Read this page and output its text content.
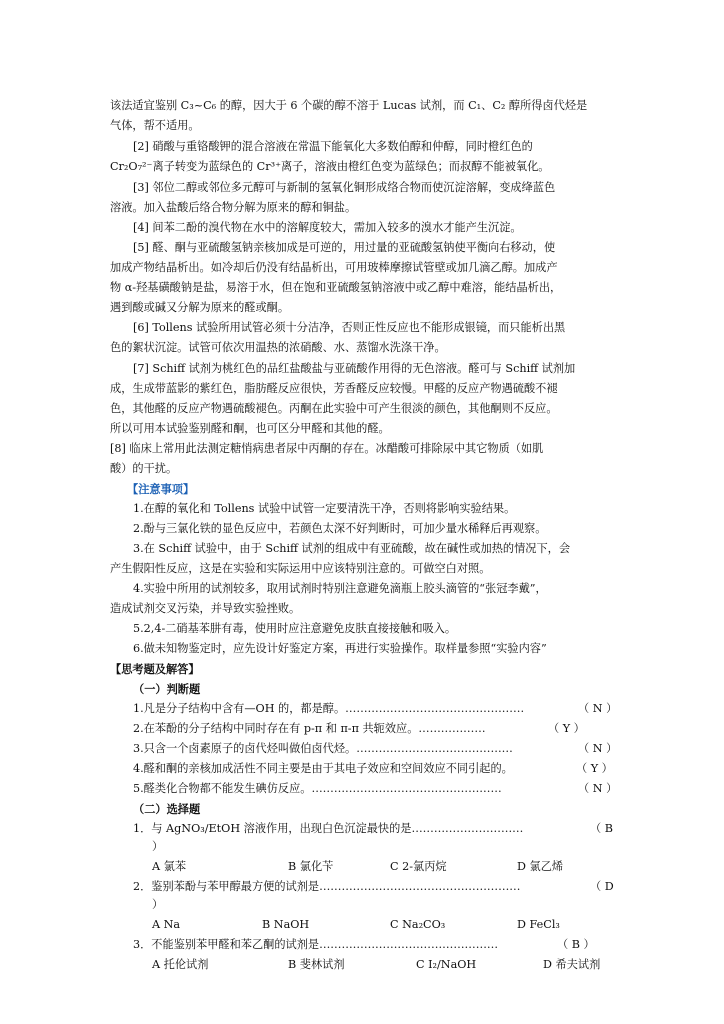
该法适宜鉴别 C₃~C₆ 的醇，因大于 6 个碳的醇不溶于 Lucas 试剂，而 C₁、C₂ 醇所得卤代烃是
气体，帮不适用。
[2] 硝酸与重铬酸钾的混合溶液在常温下能氧化大多数伯醇和仲醇，同时橙红色的
Cr₂O₇²⁻离子转变为蓝绿色的 Cr³⁺离子，溶液由橙红色变为蓝绿色；而叔醇不能被氧化。
[3] 邻位二醇或邻位多元醇可与新制的氢氧化铜形成络合物而使沉淀溶解，变成绛蓝色
溶液。加入盐酸后络合物分解为原来的醇和铜盐。
[4] 间苯二酚的溴代物在水中的溶解度较大，需加入较多的溴水才能产生沉淀。
[5] 醛、酮与亚硫酸氢钠亲核加成是可逆的，用过量的亚硫酸氢钠使平衡向右移动，使
加成产物结晶析出。如冷却后仍没有结晶析出，可用玻棒摩擦试管壁或加几滴乙醇。加成产
物 α-羟基磺酸钠是盐，易溶于水，但在饱和亚硫酸氢钠溶液中或乙醇中难溶，能结晶析出，
遇到酸或碱又分解为原来的醛或酮。
[6] Tollens 试验所用试管必须十分洁净，否则正性反应也不能形成银镜，而只能析出黑
色的絮状沉淀。试管可依次用温热的浓硝酸、水、蒸馏水洗涤干净。
[7] Schiff 试剂为桃红色的品红盐酸盐与亚硫酸作用得的无色溶液。醛可与 Schiff 试剂加
成，生成带蓝影的紫红色，脂肪醛反应很快，芳香醛反应较慢。甲醛的反应产物遇硫酸不褪
色，其他醛的反应产物遇硫酸褪色。丙酮在此实验中可产生很淡的颜色，其他酮则不反应。
所以可用本试验鉴别醛和酮，也可区分甲醛和其他的醛。
[8] 临床上常用此法测定糖悄病患者尿中丙酮的存在。冰醋酸可排除尿中其它物质（如肌
酸）的干扰。
【注意事项】
1.在醇的氧化和 Tollens 试验中试管一定要清洗干净，否则将影响实验结果。
2.酚与三氯化铁的显色反应中，若颜色太深不好判断时，可加少量水稀释后再观察。
3.在 Schiff 试验中，由于 Schiff 试剂的组成中有亚硫酸，故在碱性或加热的情况下，会
产生假阳性反应，这是在实验和实际运用中应该特别注意的。可做空白对照。
4.实验中所用的试剂较多，取用试剂时特别注意避免滴瓶上胶头滴管的“张冠李戴”，
造成试剂交叉污染，并导致实验挫败。
5.2,4-二硝基苯肼有毒，使用时应注意避免皮肤直接接触和吸入。
6.做未知物鉴定时，应先设计好鉴定方案，再进行实验操作。取样量参照“实验内容”
【思考题及解答】
（一）判断题
1.凡是分子结构中含有—OH 的，都是醇。…………………………………………	（ N ）
2.在苯酚的分子结构中同时存在有 p-π 和 π-π 共轭效应。………………	（ Y ）
3.只含一个卤素原子的卤代烃叫做伯卤代烃。……………………………………	（ N ）
4.醛和酮的亲核加成活性不同主要是由于其电子效应和空间效应不同引起的。	（ Y ）
5.醛类化合物都不能发生碘仿反应。……………………………………………	（ N ）
（二）选择题
1．与 AgNO₃/EtOH 溶液作用，出现白色沉淀最快的是…………………………	（ B
）
A 氯苯	B 氯化苄	C 2-氯丙烷	D 氯乙烯
2．鉴别苯酚与苯甲醇最方便的试剂是………………………………………………	（ D
）
A Na	B NaOH	C Na₂CO₃	D FeCl₃
3．不能鉴别苯甲醛和苯乙酮的试剂是…………………………………………	（ B ）
A 托伦试剂	B 斐林试剂	C I₂/NaOH	D 希夫试剂
